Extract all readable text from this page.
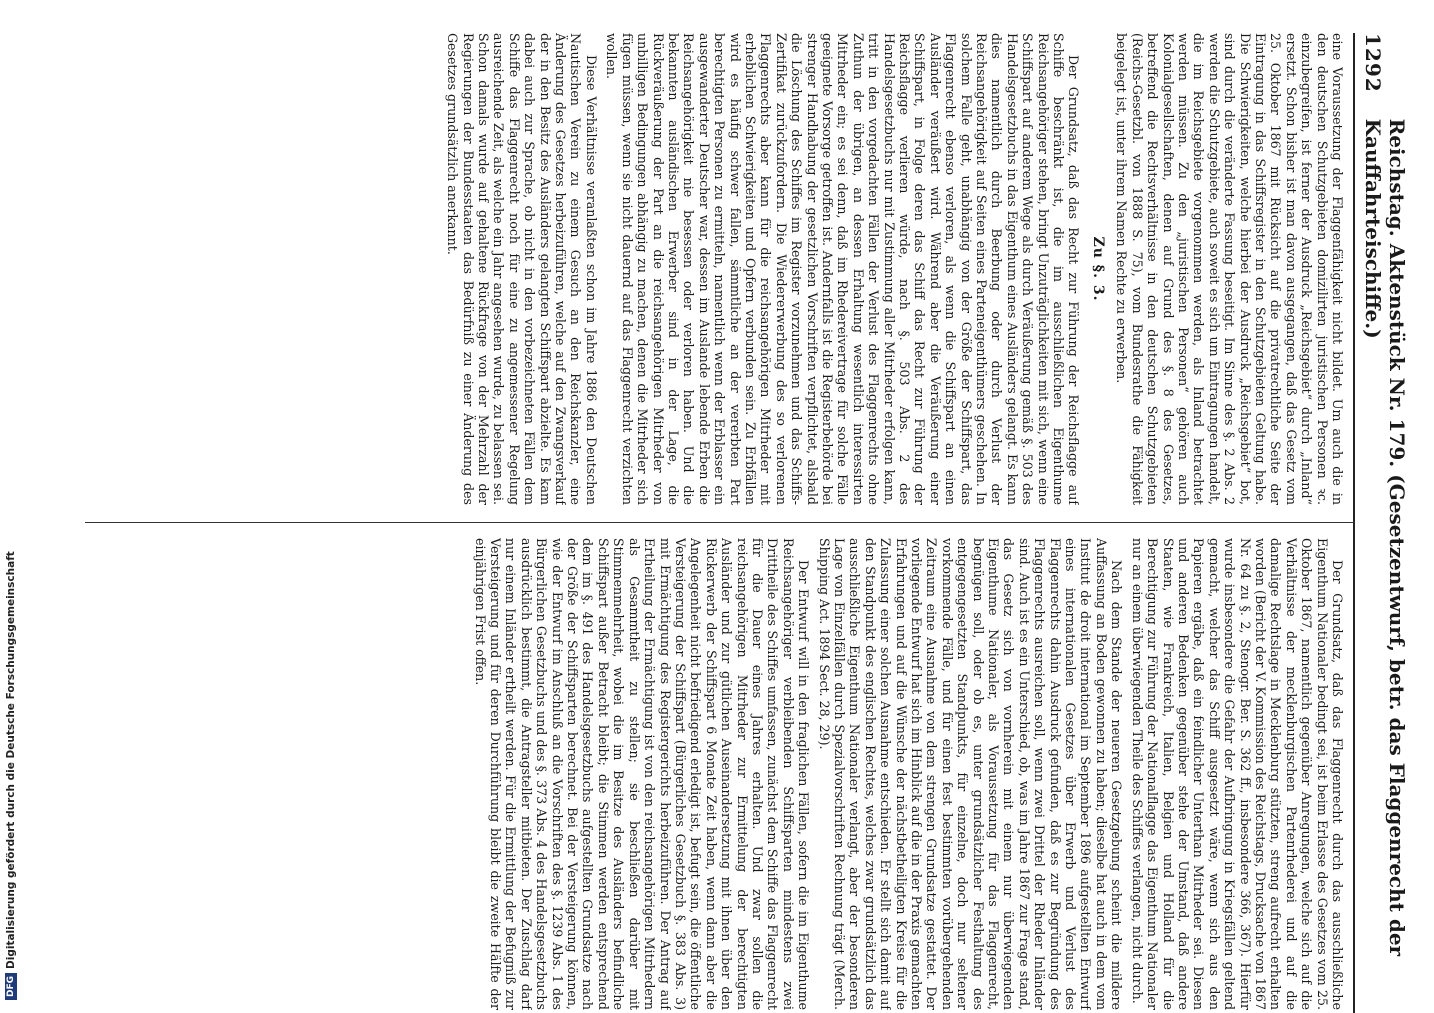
DFG
Digitalisierung gefördert durch die Deutsche Forschungsgemeinschaft
1292
Reichstag. Aktenstück Nr. 179. (Gesetzentwurf, betr. das Flaggenrecht der Kauffahrteischiffe.)

eine Voraussetzung der Flaggenfähigkeit nicht bildet. Um auch die in den deutschen Schutzgebieten domizilirten juristischen Personen ꝛc. einzubegreifen, ist ferner der Ausdruck „Reichsgebiet“ durch „Inland“ ersetzt. Schon bisher ist man davon ausgegangen, daß das Gesetz vom 25. Oktober 1867 mit Rücksicht auf die privatrechtliche Seite der Eintragung in das Schiffsregister in den Schutzgebieten Geltung habe. Die Schwierigkeiten, welche hierbei der Ausdruck „Reichsgebiet“ bot, sind durch die veränderte Fassung beseitigt. Im Sinne des §. 2 Abs. 2 werden die Schutzgebiete, auch soweit es sich um Eintragungen handelt, die im Reichsgebiete vorgenommen werden, als Inland betrachtet werden müssen. Zu den „juristischen Personen“ gehören auch Kolonialgesellschaften, denen auf Grund des §. 8 des Gesetzes, betreffend die Rechtsverhältnisse in den deutschen Schutzgebieten (Reichs-Gesetzbl. von 1888 S. 75), vom Bundesrathe die Fähigkeit beigelegt ist, unter ihrem Namen Rechte zu erwerben.

Zu §. 3.

Der Grundsatz, daß das Recht zur Führung der Reichsflagge auf Schiffe beschränkt ist, die im ausschließlichen Eigenthume Reichsangehöriger stehen, bringt Unzuträglichkeiten mit sich, wenn eine Schiffspart auf anderem Wege als durch Veräußerung gemäß §. 503 des Handelsgesetzbuchs in das Eigenthum eines Ausländers gelangt. Es kann dies namentlich durch Beerbung oder durch Verlust der Reichsangehörigkeit auf Seiten eines Parteneigenthümers geschehen. In solchem Falle geht, unabhängig von der Größe der Schiffspart, das Flaggenrecht ebenso verloren, als wenn die Schiffspart an einen Ausländer veräußert wird. Während aber die Veräußerung einer Schiffspart, in Folge deren das Schiff das Recht zur Führung der Reichsflagge verlieren würde, nach §. 503 Abs. 2 des Handelsgesetzbuchs nur mit Zustimmung aller Mitrheder erfolgen kann, tritt in den vorgedachten Fällen der Verlust des Flaggenrechts ohne Zuthun der übrigen, an dessen Erhaltung wesentlich interessirten Mitrheder ein; es sei denn, daß im Rhedereivertrage für solche Fälle geeignete Vorsorge getroffen ist. Andernfalls ist die Registerbehörde bei strenger Handhabung der gesetzlichen Vorschriften verpflichtet, alsbald die Löschung des Schiffes im Register vorzunehmen und das Schiffs-Zertifikat zurückzufordern. Die Wiedererwerbung des so verlorenen Flaggenrechts aber kann für die reichsangehörigen Mitrheder mit erheblichen Schwierigkeiten und Opfern verbunden sein. Zu Erbfällen wird es häufig schwer fallen, sämmtliche an der vererbten Part berechtigten Personen zu ermitteln, namentlich wenn der Erblasser ein ausgewanderter Deutscher war, dessen im Auslande lebende Erben die Reichsangehörigkeit nie besessen oder verloren haben. Und die bekannten ausländischen Erwerber sind in der Lage, die Rückveräußerung der Part an die reichsangehörigen Mitrheder von unbilligen Bedingungen abhängig zu machen, denen die Mitrheder sich fügen müssen, wenn sie nicht dauernd auf das Flaggenrecht verzichten wollen.

Diese Verhältnisse veranlaßten schon im Jahre 1886 den Deutschen Nautischen Verein zu einem Gesuch an den Reichskanzler, eine Änderung des Gesetzes herbeizuführen, welche auf den Zwangsverkauf der in den Besitz des Ausländers gelangten Schiffspart abzielte. Es kam dabei auch zur Sprache, ob nicht in den vorbezeichneten Fällen dem Schiffe das Flaggenrecht noch für eine zu angemessener Regelung ausreichende Zeit, als welche ein Jahr angesehen wurde, zu belassen sei. Schon damals wurde auf gehaltene Rückfrage von der Mehrzahl der Regierungen der Bundesstaaten das Bedürfniß zu einer Änderung des Gesetzes grundsätzlich anerkannt.

Der Grundsatz, daß das Flaggenrecht durch das ausschließliche Eigenthum Nationaler bedingt sei, ist beim Erlasse des Gesetzes vom 25. Oktober 1867, namentlich gegenüber Anregungen, welche sich auf die Verhältnisse der mecklenburgischen Partenrhederei und auf die damalige Rechtslage in Mecklenburg stützten, streng aufrecht erhalten worden (Bericht der V. Kommission des Reichstags, Drucksache von 1867 Nr. 64 zu §. 2, Stenogr. Ber. S. 362 ff., insbesondere 366, 367). Hierfür wurde insbesondere die Gefahr der Aufbringung in Kriegsfällen geltend gemacht, welcher das Schiff ausgesetzt wäre, wenn sich aus den Papieren ergäbe, daß ein feindlicher Unterthan Mitrheder sei. Diesen und anderen Bedenken gegenüber stehe der Umstand, daß andere Staaten, wie Frankreich, Italien, Belgien und Holland für die Berechtigung zur Führung der Nationalflagge das Eigenthum Nationaler nur an einem überwiegenden Theile des Schiffes verlangen, nicht durch.

Nach dem Stande der neueren Gesetzgebung scheint die mildere Auffassung an Boden gewonnen zu haben; dieselbe hat auch in dem vom Institut de droit international im September 1896 aufgestellten Entwurf eines internationalen Gesetzes über Erwerb und Verlust des Flaggenrechts dahin Ausdruck gefunden, daß es zur Begründung des Flaggenrechts ausreichen soll, wenn zwei Drittel der Rheder Inländer sind. Auch ist es ein Unterschied, ob, was im Jahre 1867 zur Frage stand, das Gesetz sich von vornherein mit einem nur überwiegenden Eigenthume Nationaler, als Voraussetzung für das Flaggenrecht, begnügen soll, oder ob es, unter grundsätzlicher Festhaltung des entgegengesetzten Standpunkts, für einzelne, doch nur seltener vorkommende Fälle, und für einen fest bestimmten vorübergehenden Zeitraum eine Ausnahme von dem strengen Grundsatze gestattet. Der vorliegende Entwurf hat sich im Hinblick auf die in der Praxis gemachten Erfahrungen und auf die Wünsche der nächstbetheiligten Kreise für die Zulassung einer solchen Ausnahme entschieden. Er stellt sich damit auf den Standpunkt des englischen Rechtes, welches zwar grundsätzlich das ausschließliche Eigenthum Nationaler verlangt, aber der besonderen Lage von Einzelfällen durch Spezialvorschriften Rechnung trägt (Merch. Shipping Act. 1894 Sect. 28, 29).

Der Entwurf will in den fraglichen Fällen, sofern die im Eigenthume Reichsangehöriger verbleibenden Schiffsparten mindestens zwei Drittheile des Schiffes umfassen, zunächst dem Schiffe das Flaggenrecht für die Dauer eines Jahres erhalten. Und zwar sollen die reichsangehörigen Mitrheder zur Ermittelung der berechtigten Ausländer und zur gütlichen Auseinandersetzung mit ihnen über den Rückerwerb der Schiffspart 6 Monate Zeit haben, wenn dann aber die Angelegenheit nicht befriedigend erledigt ist, befugt sein, die öffentliche Versteigerung der Schiffspart (Bürgerliches Gesetzbuch §. 383 Abs. 3) mit Ermächtigung des Registergerichts herbeizuführen. Der Antrag auf Ertheilung der Ermächtigung ist von den reichsangehörigen Mitrhedern als Gesammtheit zu stellen; sie beschließen darüber mit Stimmenmehrheit, wobei die im Besitze des Ausländers befindliche Schiffspart außer Betracht bleibt; die Stimmen werden entsprechend dem im §. 491 des Handelsgesetzbuchs aufgestellten Grundsatze nach der Größe der Schiffsparten berechnet. Bei der Versteigerung können, wie der Entwurf im Anschluß an die Vorschriften des §. 1239 Abs. 1 des Bürgerlichen Gesetzbuchs und des §. 373 Abs. 4 des Handelsgesetzbuchs ausdrücklich bestimmt, die Antragsteller mitbieten. Der Zuschlag darf nur einem Inländer ertheilt werden. Für die Ermittlung der Befugniß zur Versteigerung und für deren Durchführung bleibt die zweite Hälfte der einjährigen Frist offen.
